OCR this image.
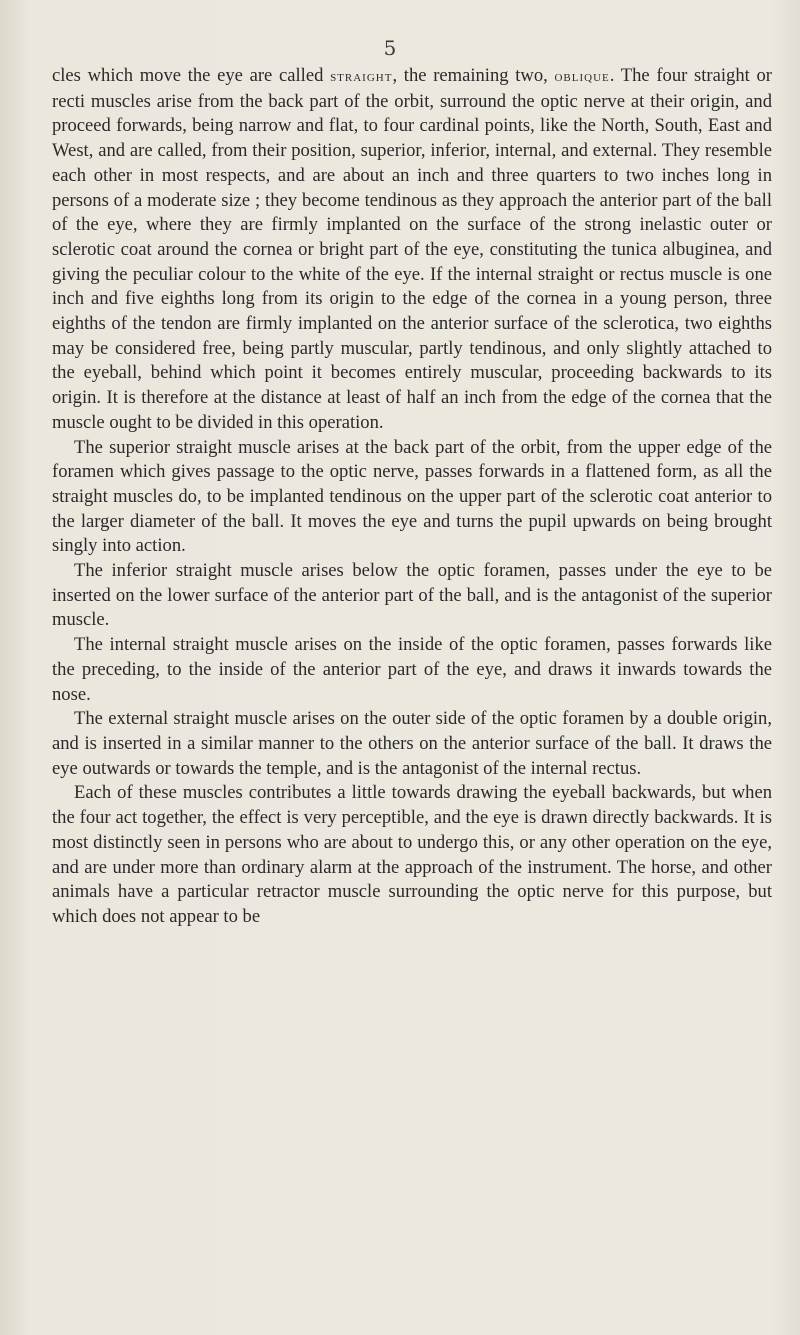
5

cles which move the eye are called straight, the remaining two, oblique. The four straight or recti muscles arise from the back part of the orbit, surround the optic nerve at their origin, and proceed forwards, being narrow and flat, to four cardinal points, like the North, South, East and West, and are called, from their position, superior, inferior, internal, and external. They resemble each other in most respects, and are about an inch and three quarters to two inches long in persons of a moderate size ; they become tendinous as they approach the anterior part of the ball of the eye, where they are firmly implanted on the surface of the strong inelastic outer or sclerotic coat around the cornea or bright part of the eye, constituting the tunica albuginea, and giving the peculiar colour to the white of the eye. If the internal straight or rectus muscle is one inch and five eighths long from its origin to the edge of the cornea in a young person, three eighths of the tendon are firmly implanted on the anterior surface of the sclerotica, two eighths may be considered free, being partly muscular, partly tendinous, and only slightly attached to the eyeball, behind which point it becomes entirely muscular, proceeding backwards to its origin. It is therefore at the distance at least of half an inch from the edge of the cornea that the muscle ought to be divided in this operation.

The superior straight muscle arises at the back part of the orbit, from the upper edge of the foramen which gives passage to the optic nerve, passes forwards in a flattened form, as all the straight muscles do, to be implanted tendinous on the upper part of the sclerotic coat anterior to the larger diameter of the ball. It moves the eye and turns the pupil upwards on being brought singly into action.

The inferior straight muscle arises below the optic foramen, passes under the eye to be inserted on the lower surface of the anterior part of the ball, and is the antagonist of the superior muscle.

The internal straight muscle arises on the inside of the optic foramen, passes forwards like the preceding, to the inside of the anterior part of the eye, and draws it inwards towards the nose.

The external straight muscle arises on the outer side of the optic foramen by a double origin, and is inserted in a similar manner to the others on the anterior surface of the ball. It draws the eye outwards or towards the temple, and is the antagonist of the internal rectus.

Each of these muscles contributes a little towards drawing the eyeball backwards, but when the four act together, the effect is very perceptible, and the eye is drawn directly backwards. It is most distinctly seen in persons who are about to undergo this, or any other operation on the eye, and are under more than ordinary alarm at the approach of the instrument. The horse, and other animals have a particular retractor muscle surrounding the optic nerve for this purpose, but which does not appear to be
